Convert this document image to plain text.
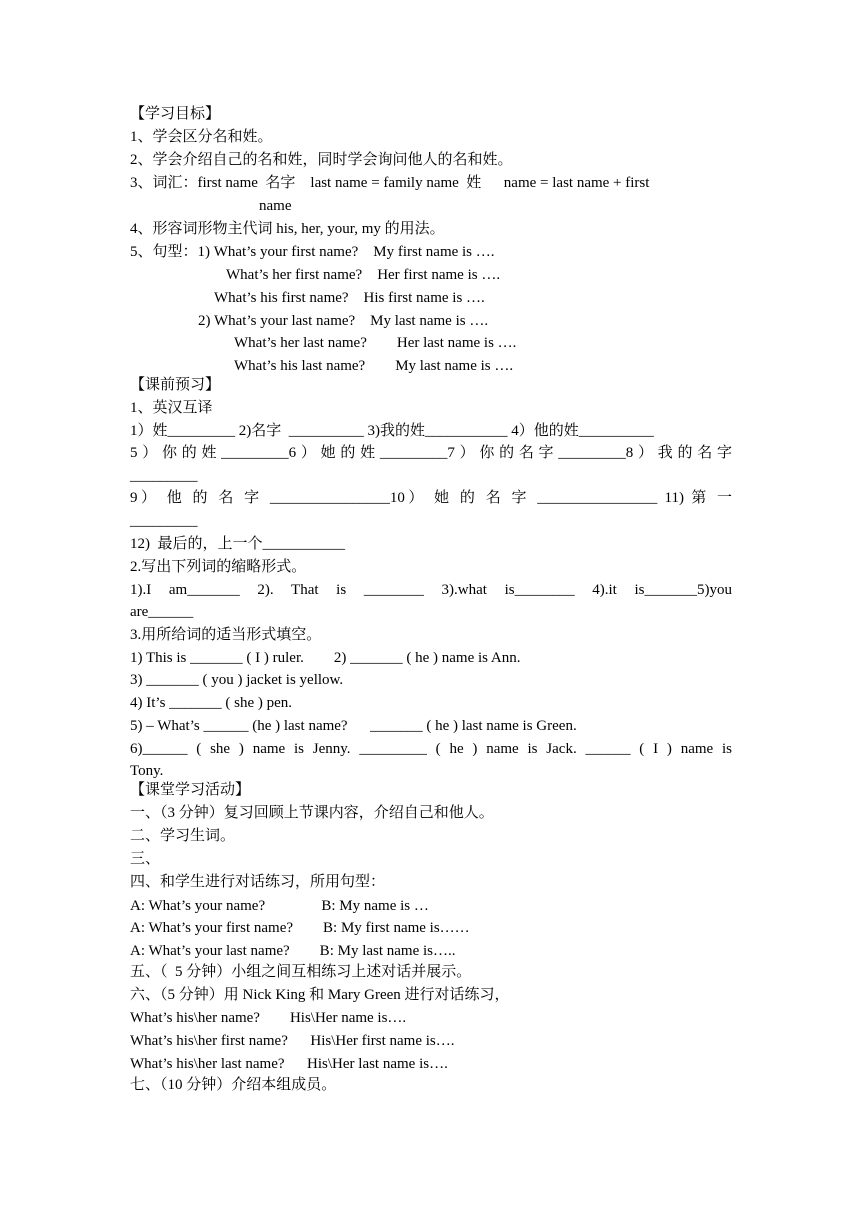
【学习目标】
1、学会区分名和姓。
2、学会介绍自己的名和姓，同时学会询问他人的名和姓。
3、词汇：first name  名字    last name = family name  姓      name = last name + first
name
4、形容词形物主代词 his, her, your, my 的用法。
5、句型：1) What’s your first name?    My first name is ….
What’s her first name?    Her first name is ….
What’s his first name?    His first name is ….
2) What’s your last name?    My last name is ….
What’s her last name?        Her last name is ….
What’s his last name?        My last name is ….
【课前预习】
1、英汉互译
1）姓_________ 2)名字  __________ 3)我的姓___________ 4）他的姓__________
5）你的姓_________6）她的姓_________7）你的名字_________8）我的名字
_________
9） 他 的 名 字 ________________10） 她 的 名 字 ________________ 11) 第 一
_________
12)  最后的，上一个___________
2.写出下列词的缩略形式。
1).I am_______ 2). That is ________ 3).what is________ 4).it is_______5)you
are______
3.用所给词的适当形式填空。
1) This is _______ ( I ) ruler.        2) _______ ( he ) name is Ann.
3) _______ ( you ) jacket is yellow.
4) It’s _______ ( she ) pen.
5) – What’s ______ (he ) last name?      _______ ( he ) last name is Green.
6)______ ( she ) name is Jenny. _________ ( he ) name is Jack. ______ ( I ) name is
Tony.
【课堂学习活动】
一、（3 分钟）复习回顾上节课内容，介绍自己和他人。
二、学习生词。
三、
四、和学生进行对话练习，所用句型：
A: What’s your name?               B: My name is …
A: What’s your first name?        B: My first name is……
A: What’s your last name?        B: My last name is…..
五、（  5 分钟）小组之间互相练习上述对话并展示。
六、（5 分钟）用 Nick King 和 Mary Green 进行对话练习，
What’s his\her name?        His\Her name is….
What’s his\her first name?      His\Her first name is….
What’s his\her last name?      His\Her last name is….
七、（10 分钟）介绍本组成员。
